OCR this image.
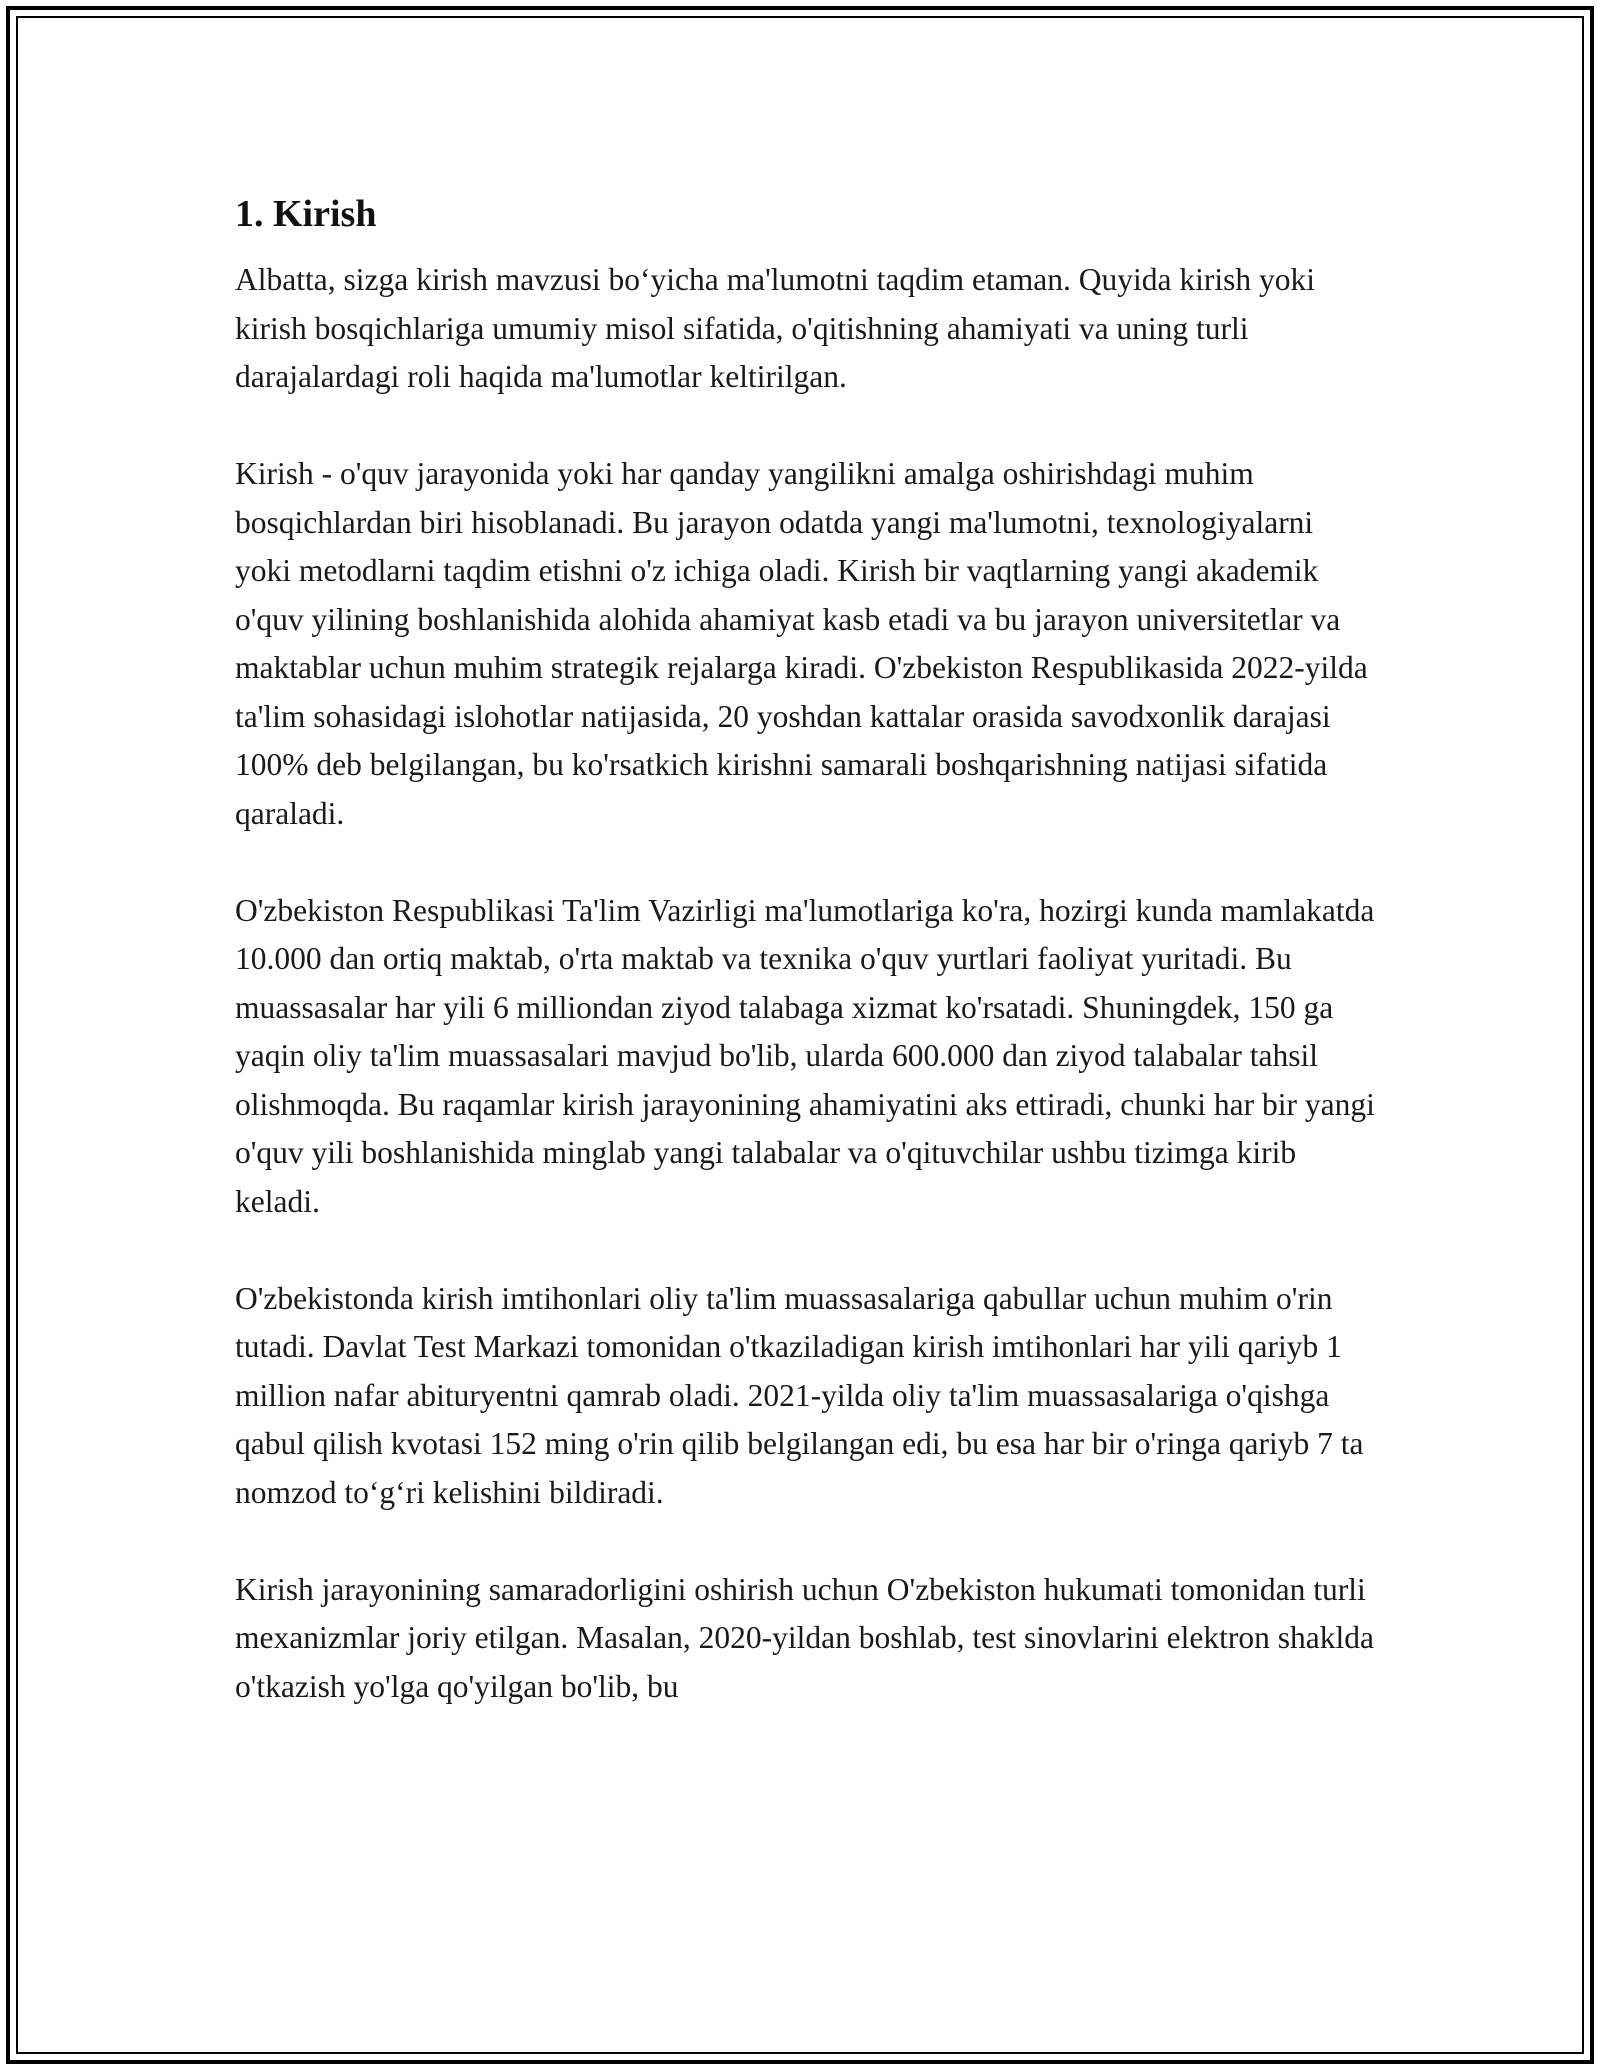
1. Kirish

Albatta, sizga kirish mavzusi bo‘yicha ma'lumotni taqdim etaman. Quyida kirish yoki kirish bosqichlariga umumiy misol sifatida, o'qitishning ahamiyati va uning turli darajalardagi roli haqida ma'lumotlar keltirilgan.

Kirish - o'quv jarayonida yoki har qanday yangilikni amalga oshirishdagi muhim bosqichlardan biri hisoblanadi. Bu jarayon odatda yangi ma'lumotni, texnologiyalarni yoki metodlarni taqdim etishni o'z ichiga oladi. Kirish bir vaqtlarning yangi akademik o'quv yilining boshlanishida alohida ahamiyat kasb etadi va bu jarayon universitetlar va maktablar uchun muhim strategik rejalarga kiradi. O'zbekiston Respublikasida 2022-yilda ta'lim sohasidagi islohotlar natijasida, 20 yoshdan kattalar orasida savodxonlik darajasi 100% deb belgilangan, bu ko'rsatkich kirishni samarali boshqarishning natijasi sifatida qaraladi.

O'zbekiston Respublikasi Ta'lim Vazirligi ma'lumotlariga ko'ra, hozirgi kunda mamlakatda 10.000 dan ortiq maktab, o'rta maktab va texnika o'quv yurtlari faoliyat yuritadi. Bu muassasalar har yili 6 milliondan ziyod talabaga xizmat ko'rsatadi. Shuningdek, 150 ga yaqin oliy ta'lim muassasalari mavjud bo'lib, ularda 600.000 dan ziyod talabalar tahsil olishmoqda. Bu raqamlar kirish jarayonining ahamiyatini aks ettiradi, chunki har bir yangi o'quv yili boshlanishida minglab yangi talabalar va o'qituvchilar ushbu tizimga kirib keladi.

O'zbekistonda kirish imtihonlari oliy ta'lim muassasalariga qabullar uchun muhim o'rin tutadi. Davlat Test Markazi tomonidan o'tkaziladigan kirish imtihonlari har yili qariyb 1 million nafar abituryentni qamrab oladi. 2021-yilda oliy ta'lim muassasalariga o'qishga qabul qilish kvotasi 152 ming o'rin qilib belgilangan edi, bu esa har bir o'ringa qariyb 7 ta nomzod to‘g‘ri kelishini bildiradi.

Kirish jarayonining samaradorligini oshirish uchun O'zbekiston hukumati tomonidan turli mexanizmlar joriy etilgan. Masalan, 2020-yildan boshlab, test sinovlarini elektron shaklda o'tkazish yo'lga qo'yilgan bo'lib, bu
